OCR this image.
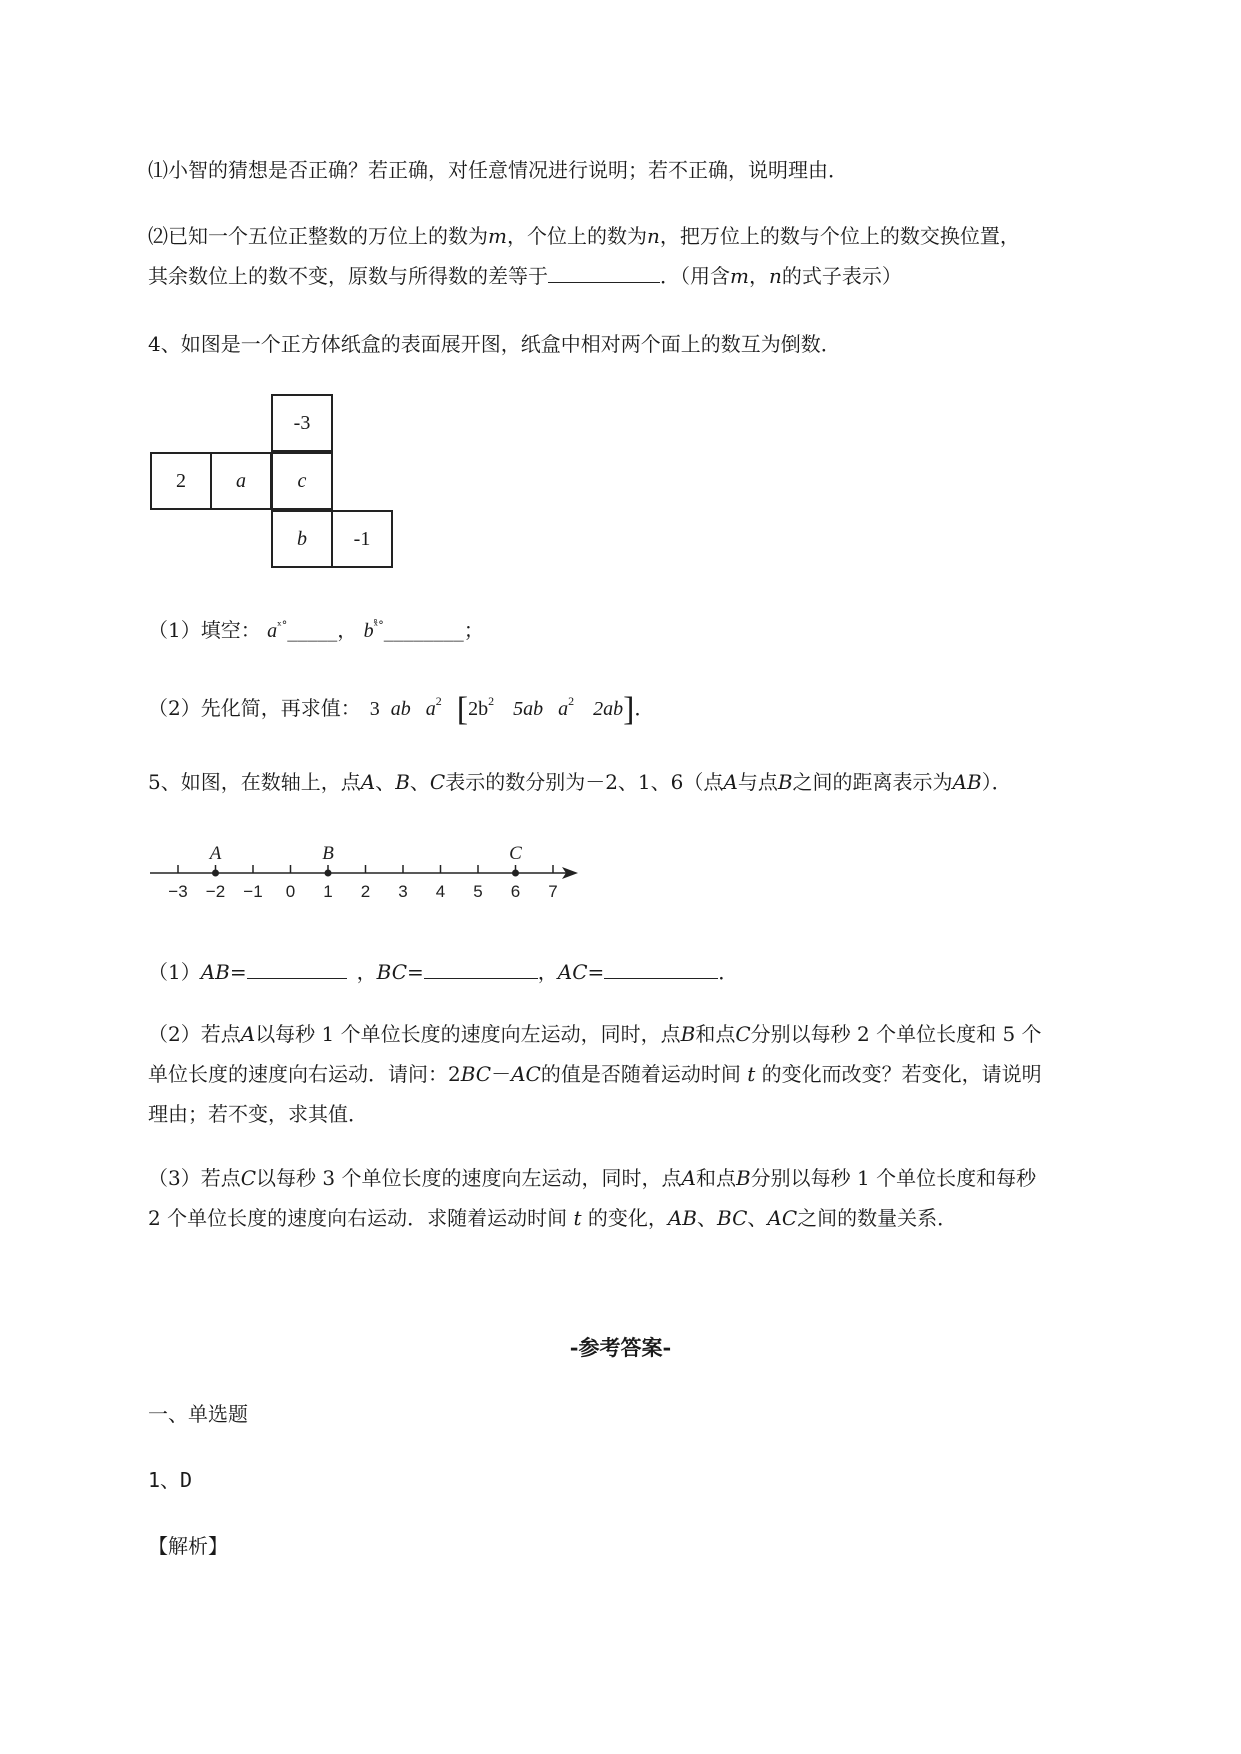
⑴小智的猜想是否正确？若正确，对任意情况进行说明；若不正确，说明理由．
⑵已知一个五位正整数的万位上的数为m，个位上的数为n，把万位上的数与个位上的数交换位置，
其余数位上的数不变，原数与所得数的差等于	．（用含m，n的式子表示）
4、如图是一个正方体纸盒的表面展开图，纸盒中相对两个面上的数互为倒数．
-3
2	a	c
b	-1
（1）填空： $a^{ˣ^\circ}\_\_\_\_\_$， $b^{ˣ̊^\circ}\_\_\_\_\_\_\_\_$；
（2）先化简，再求值： 3 ab $a^2$ [$2b^2$ 5ab $a^2$ 2ab]．
5、如图，在数轴上，点A、B、C表示的数分别为－2、1、6（点A与点B之间的距离表示为AB）．
−3 −2 −1 0 1 2 3 4 5 6 7
A	B	C
（1）AB=	，BC=	，AC=	．
（2）若点A以每秒 1 个单位长度的速度向左运动，同时，点B和点C分别以每秒 2 个单位长度和 5 个
单位长度的速度向右运动．请问：2BC－AC的值是否随着运动时间 t 的变化而改变？若变化，请说明
理由；若不变，求其值．
（3）若点C以每秒 3 个单位长度的速度向左运动，同时，点A和点B分别以每秒 1 个单位长度和每秒
2 个单位长度的速度向右运动．求随着运动时间 t 的变化，AB、BC、AC之间的数量关系．
-参考答案-
一、单选题
1、D
【解析】
